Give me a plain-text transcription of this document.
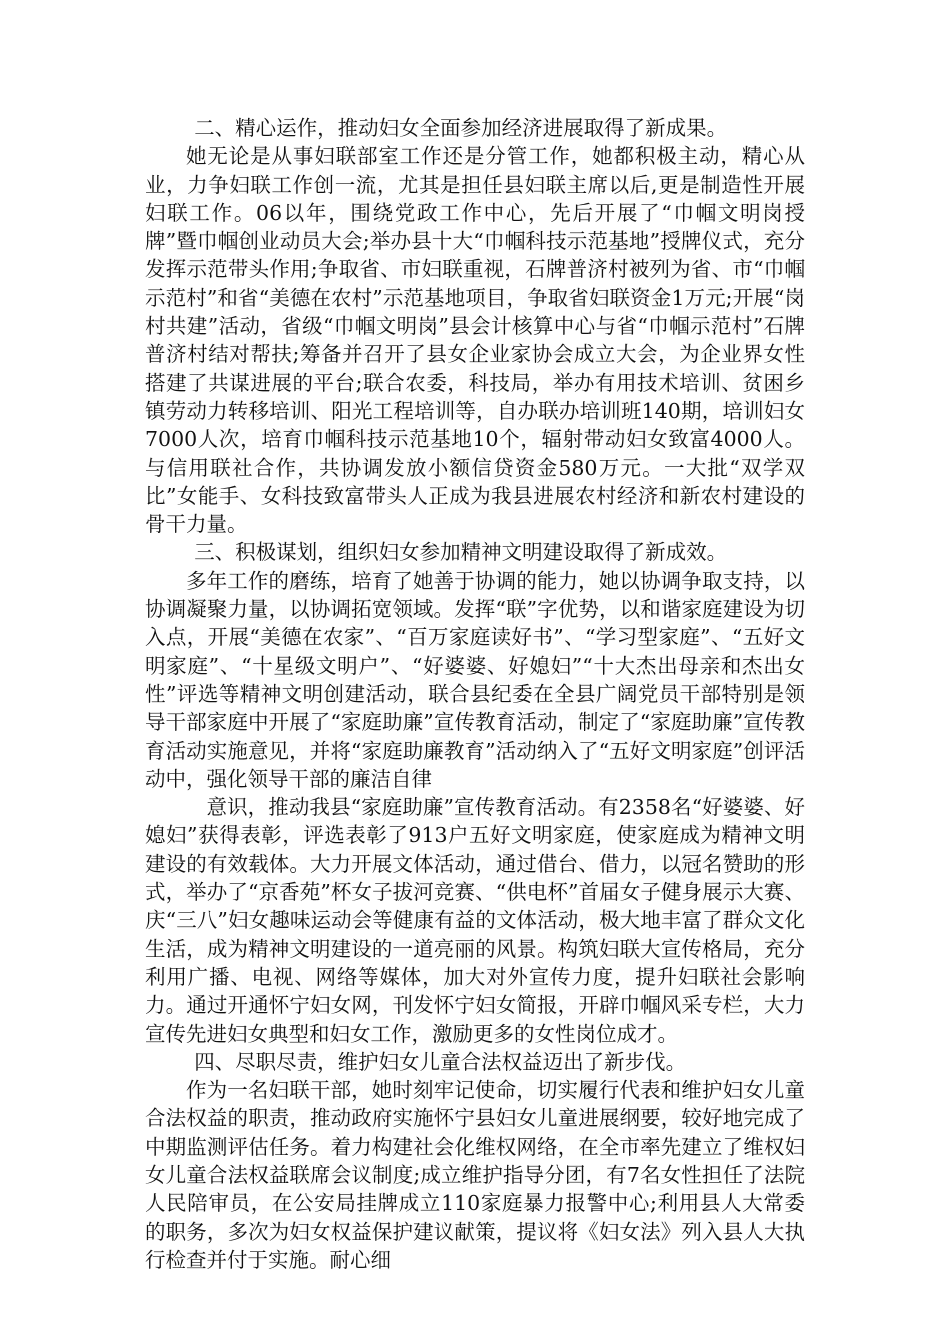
二、精心运作，推动妇女全面参加经济进展取得了新成果。

她无论是从事妇联部室工作还是分管工作，她都积极主动，精心从业，力争妇联工作创一流，尤其是担任县妇联主席以后,更是制造性开展妇联工作。06以年，围绕党政工作中心，先后开展了“巾帼文明岗授牌”暨巾帼创业动员大会;举办县十大“巾帼科技示范基地”授牌仪式，充分发挥示范带头作用;争取省、市妇联重视，石牌普济村被列为省、市“巾帼示范村”和省“美德在农村”示范基地项目，争取省妇联资金1万元;开展“岗村共建”活动，省级“巾帼文明岗”县会计核算中心与省“巾帼示范村”石牌普济村结对帮扶;筹备并召开了县女企业家协会成立大会，为企业界女性搭建了共谋进展的平台;联合农委，科技局，举办有用技术培训、贫困乡镇劳动力转移培训、阳光工程培训等，自办联办培训班140期，培训妇女7000人次，培育巾帼科技示范基地10个，辐射带动妇女致富4000人。与信用联社合作，共协调发放小额信贷资金580万元。一大批“双学双比”女能手、女科技致富带头人正成为我县进展农村经济和新农村建设的骨干力量。

三、积极谋划，组织妇女参加精神文明建设取得了新成效。

多年工作的磨练，培育了她善于协调的能力，她以协调争取支持，以协调凝聚力量，以协调拓宽领域。发挥“联”字优势，以和谐家庭建设为切入点，开展“美德在农家”、“百万家庭读好书”、“学习型家庭”、“五好文明家庭”、“十星级文明户”、“好婆婆、好媳妇”“十大杰出母亲和杰出女性”评选等精神文明创建活动，联合县纪委在全县广阔党员干部特别是领导干部家庭中开展了“家庭助廉”宣传教育活动，制定了“家庭助廉”宣传教育活动实施意见，并将“家庭助廉教育”活动纳入了“五好文明家庭”创评活动中，强化领导干部的廉洁自律

意识，推动我县“家庭助廉”宣传教育活动。有2358名“好婆婆、好媳妇”获得表彰，评选表彰了913户五好文明家庭，使家庭成为精神文明建设的有效载体。大力开展文体活动，通过借台、借力，以冠名赞助的形式，举办了“京香苑”杯女子拔河竞赛、“供电杯”首届女子健身展示大赛、庆“三八”妇女趣味运动会等健康有益的文体活动，极大地丰富了群众文化生活，成为精神文明建设的一道亮丽的风景。构筑妇联大宣传格局，充分利用广播、电视、网络等媒体，加大对外宣传力度，提升妇联社会影响力。通过开通怀宁妇女网，刊发怀宁妇女简报，开辟巾帼风采专栏，大力宣传先进妇女典型和妇女工作，激励更多的女性岗位成才。

四、尽职尽责，维护妇女儿童合法权益迈出了新步伐。

作为一名妇联干部，她时刻牢记使命，切实履行代表和维护妇女儿童合法权益的职责，推动政府实施怀宁县妇女儿童进展纲要，较好地完成了中期监测评估任务。着力构建社会化维权网络，在全市率先建立了维权妇女儿童合法权益联席会议制度;成立维护指导分团，有7名女性担任了法院人民陪审员，在公安局挂牌成立110家庭暴力报警中心;利用县人大常委的职务，多次为妇女权益保护建议献策，提议将《妇女法》列入县人大执行检查并付于实施。耐心细
